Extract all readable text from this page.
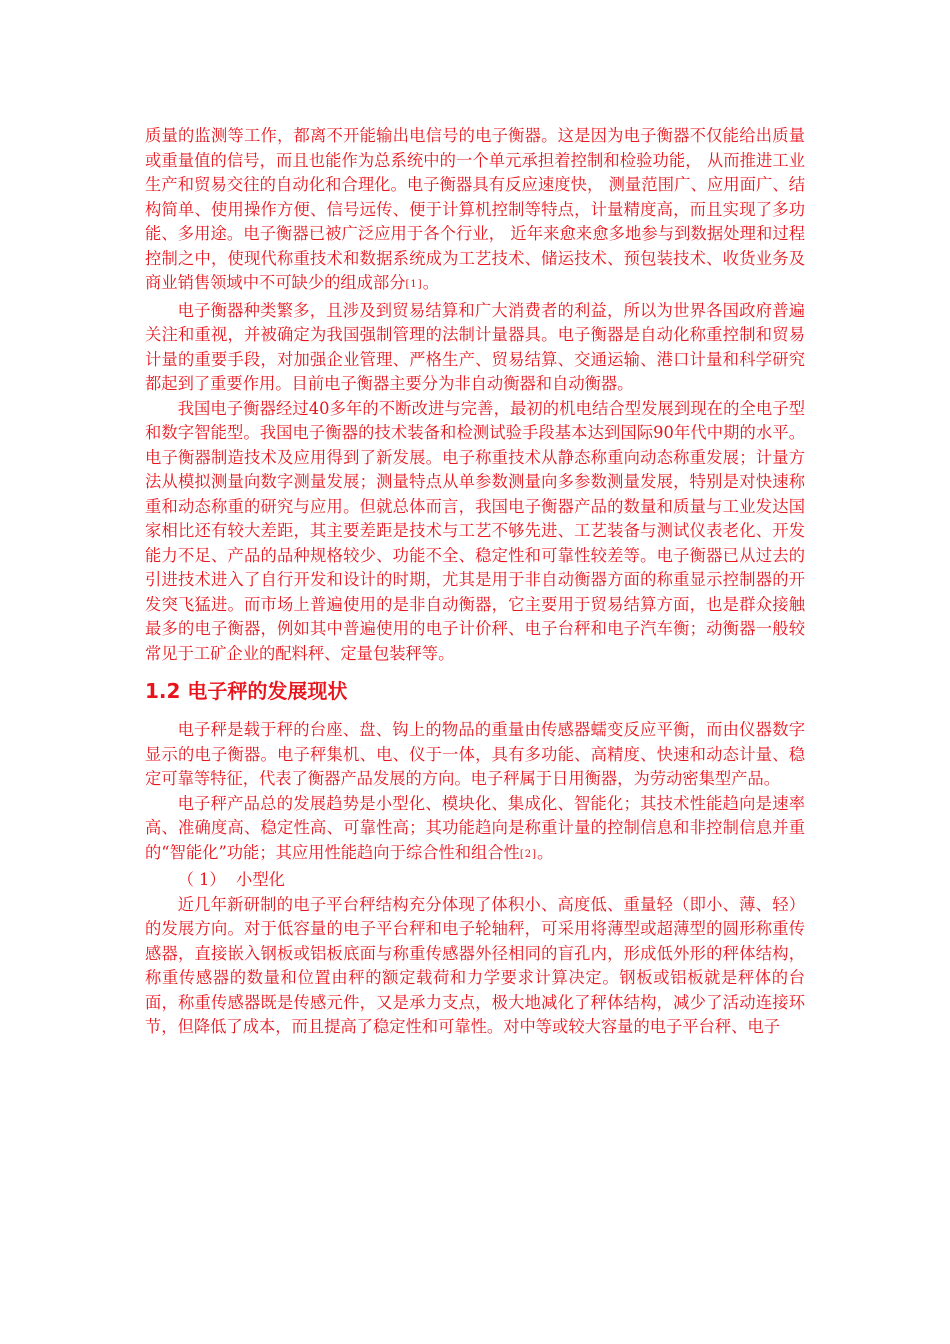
质量的监测等工作，都离不开能输出电信号的电子衡器。这是因为电子衡器不仅能给出质量或重量值的信号，而且也能作为总系统中的一个单元承担着控制和检验功能， 从而推进工业生产和贸易交往的自动化和合理化。电子衡器具有反应速度快， 测量范围广、应用面广、结构简单、使用操作方便、信号远传、便于计算机控制等特点，计量精度高，而且实现了多功能、多用途。电子衡器已被广泛应用于各个行业， 近年来愈来愈多地参与到数据处理和过程控制之中，使现代称重技术和数据系统成为工艺技术、储运技术、预包装技术、收货业务及商业销售领域中不可缺少的组成部分[1]。

电子衡器种类繁多，且涉及到贸易结算和广大消费者的利益，所以为世界各国政府普遍关注和重视，并被确定为我国强制管理的法制计量器具。电子衡器是自动化称重控制和贸易计量的重要手段，对加强企业管理、严格生产、贸易结算、交通运输、港口计量和科学研究都起到了重要作用。目前电子衡器主要分为非自动衡器和自动衡器。

我国电子衡器经过40多年的不断改进与完善，最初的机电结合型发展到现在的全电子型和数字智能型。我国电子衡器的技术装备和检测试验手段基本达到国际90年代中期的水平。电子衡器制造技术及应用得到了新发展。电子称重技术从静态称重向动态称重发展；计量方法从模拟测量向数字测量发展；测量特点从单参数测量向多参数测量发展，特别是对快速称重和动态称重的研究与应用。但就总体而言，我国电子衡器产品的数量和质量与工业发达国家相比还有较大差距，其主要差距是技术与工艺不够先进、工艺装备与测试仪表老化、开发能力不足、产品的品种规格较少、功能不全、稳定性和可靠性较差等。电子衡器已从过去的引进技术进入了自行开发和设计的时期，尤其是用于非自动衡器方面的称重显示控制器的开发突飞猛进。而市场上普遍使用的是非自动衡器，它主要用于贸易结算方面，也是群众接触最多的电子衡器，例如其中普遍使用的电子计价秤、电子台秤和电子汽车衡；动衡器一般较常见于工矿企业的配料秤、定量包装秤等。

1.2 电子秤的发展现状

电子秤是载于秤的台座、盘、钩上的物品的重量由传感器蠕变反应平衡，而由仪器数字显示的电子衡器。电子秤集机、电、仪于一体，具有多功能、高精度、快速和动态计量、稳定可靠等特征，代表了衡器产品发展的方向。电子秤属于日用衡器，为劳动密集型产品。

电子秤产品总的发展趋势是小型化、模块化、集成化、智能化；其技术性能趋向是速率高、准确度高、稳定性高、可靠性高；其功能趋向是称重计量的控制信息和非控制信息并重的“智能化”功能；其应用性能趋向于综合性和组合性[2]。

（ 1）  小型化

近几年新研制的电子平台秤结构充分体现了体积小、高度低、重量轻（即小、薄、轻）的发展方向。对于低容量的电子平台秤和电子轮轴秤，可采用将薄型或超薄型的圆形称重传感器，直接嵌入钢板或铝板底面与称重传感器外径相同的盲孔内，形成低外形的秤体结构，称重传感器的数量和位置由秤的额定载荷和力学要求计算决定。钢板或铝板就是秤体的台面，称重传感器既是传感元件，又是承力支点，极大地减化了秤体结构，减少了活动连接环节，但降低了成本，而且提高了稳定性和可靠性。对中等或较大容量的电子平台秤、电子
